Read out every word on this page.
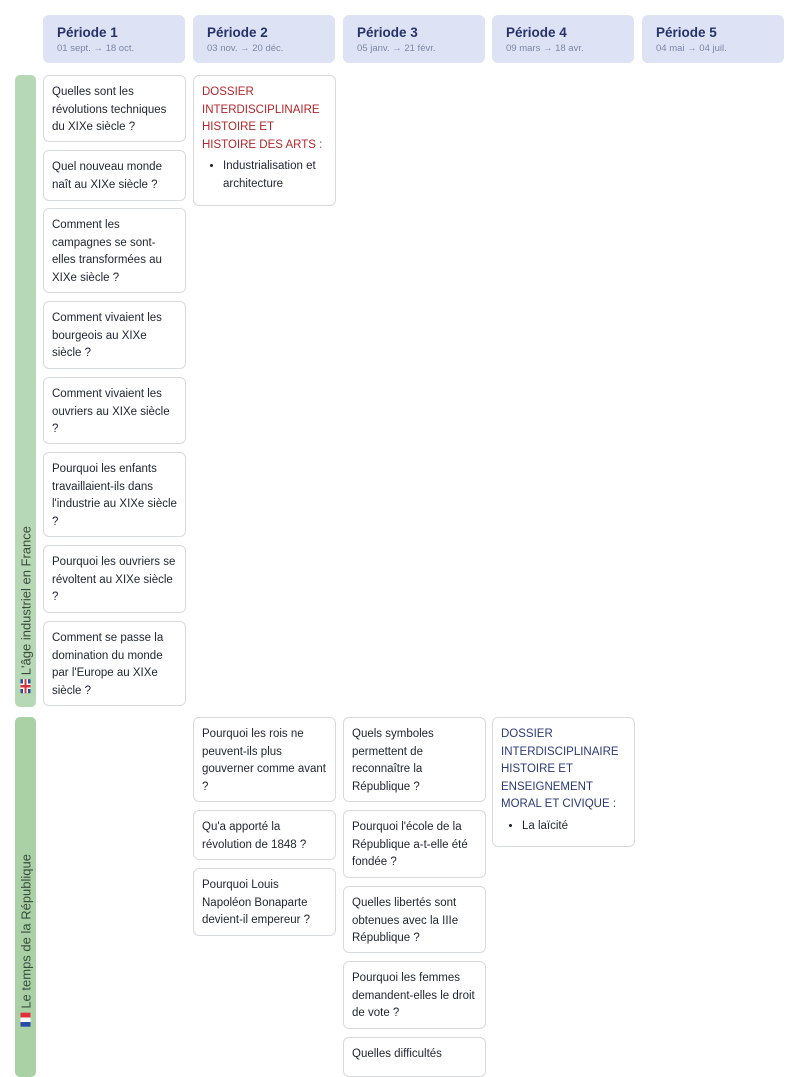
Période 1
01 sept. → 18 oct.
Période 2
03 nov. → 20 déc.
Période 3
05 janv. → 21 févr.
Période 4
09 mars → 18 avr.
Période 5
04 mai → 04 juil.
L'âge industriel en France
Quelles sont les révolutions techniques du XIXe siècle ?
Quel nouveau monde naît au XIXe siècle ?
Comment les campagnes se sont-elles transformées au XIXe siècle ?
Comment vivaient les bourgeois au XIXe siècle ?
Comment vivaient les ouvriers au XIXe siècle ?
Pourquoi les enfants travaillaient-ils dans l'industrie au XIXe siècle ?
Pourquoi les ouvriers se révoltent au XIXe siècle ?
Comment se passe la domination du monde par l'Europe au XIXe siècle ?
DOSSIER INTERDISCIPLINAIRE HISTOIRE ET HISTOIRE DES ARTS :
• Industrialisation et architecture
Le temps de la République
Pourquoi les rois ne peuvent-ils plus gouverner comme avant ?
Qu'a apporté la révolution de 1848 ?
Pourquoi Louis Napoléon Bonaparte devient-il empereur ?
Quels symboles permettent de reconnaître la République ?
Pourquoi l'école de la République a-t-elle été fondée ?
Quelles libertés sont obtenues avec la IIIe République ?
Pourquoi les femmes demandent-elles le droit de vote ?
Quelles difficultés
DOSSIER INTERDISCIPLINAIRE HISTOIRE ET ENSEIGNEMENT MORAL ET CIVIQUE :
• La laïcité
